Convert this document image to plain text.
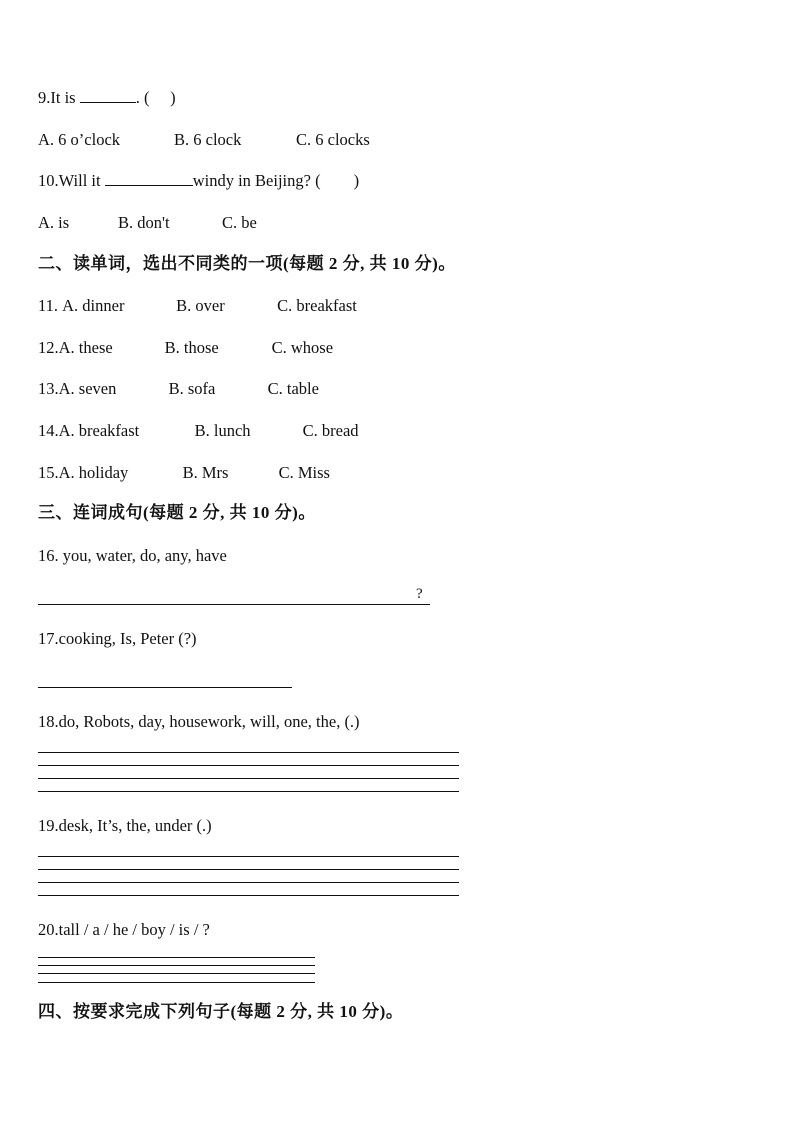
9.It is	. (　 )
A. 6 o’clock	B. 6 clock	C. 6 clocks
10.Will it	windy in Beijing? (　　)
A. is	B. don't	C. be
二、读单词，选出不同类的一项(每题 2 分, 共 10 分)。
11. A. dinner	B. over	C. breakfast
12.A. these	B. those	C. whose
13.A. seven	B. sofa	C. table
14.A. breakfast	B. lunch	C. bread
15.A. holiday	B. Mrs	C. Miss
三、连词成句(每题 2 分, 共 10 分)。
16. you, water, do, any, have
?
17.cooking, Is, Peter (?)
18.do, Robots, day, housework, will, one, the, (.)
19.desk, It’s, the, under (.)
20.tall / a / he / boy / is / ?
四、按要求完成下列句子(每题 2 分, 共 10 分)。
